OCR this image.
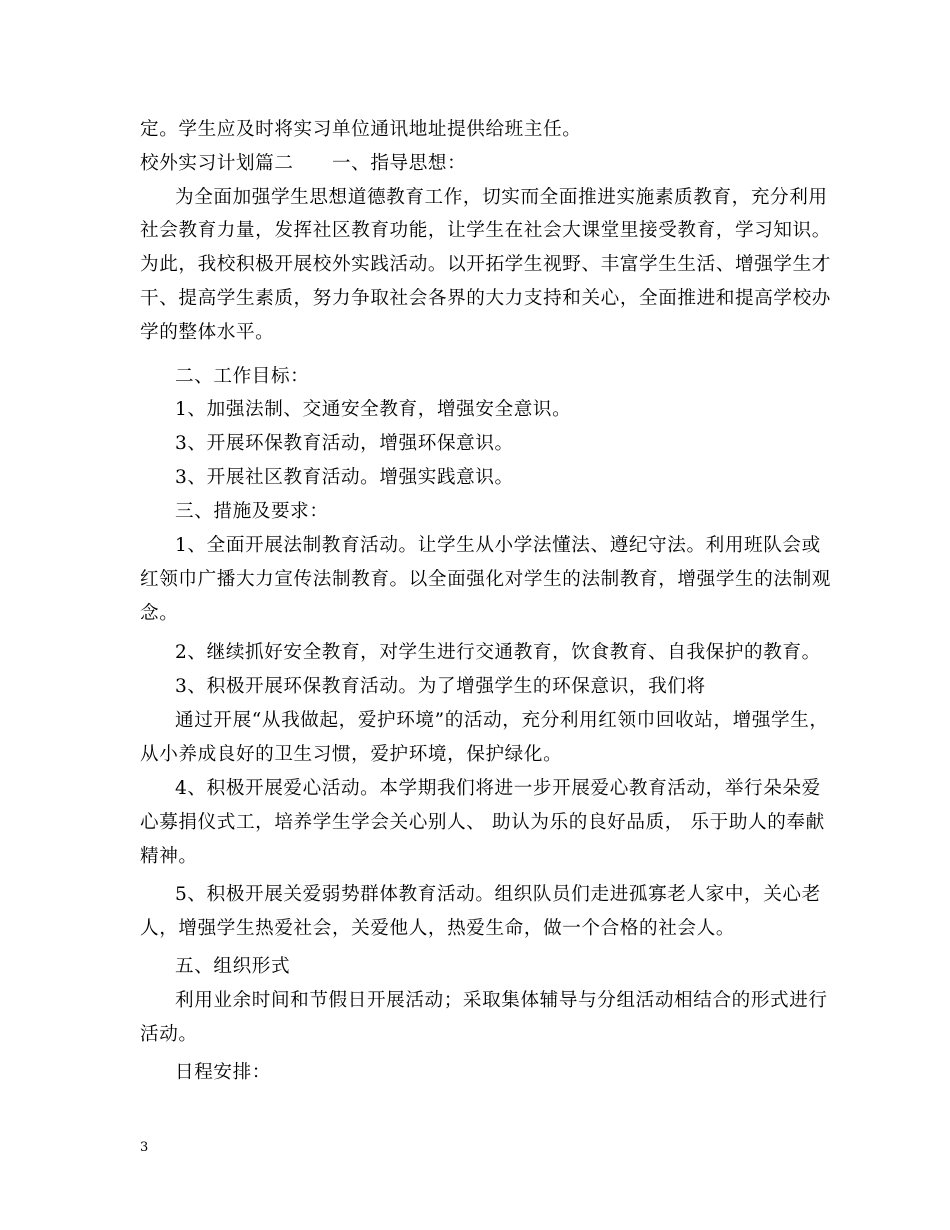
定。学生应及时将实习单位通讯地址提供给班主任。
校外实习计划篇二　　一、指导思想：
为全面加强学生思想道德教育工作，切实而全面推进实施素质教育，充分利用
社会教育力量，发挥社区教育功能，让学生在社会大课堂里接受教育，学习知识。
为此，我校积极开展校外实践活动。以开拓学生视野、丰富学生生活、增强学生才
干、提高学生素质，努力争取社会各界的大力支持和关心，全面推进和提高学校办
学的整体水平。
二、工作目标：
1、加强法制、交通安全教育，增强安全意识。
3、开展环保教育活动，增强环保意识。
3、开展社区教育活动。增强实践意识。
三、措施及要求：
1、全面开展法制教育活动。让学生从小学法懂法、遵纪守法。利用班队会或
红领巾广播大力宣传法制教育。以全面强化对学生的法制教育，增强学生的法制观
念。
2、继续抓好安全教育，对学生进行交通教育，饮食教育、自我保护的教育。
3、积极开展环保教育活动。为了增强学生的环保意识，我们将
通过开展“从我做起，爱护环境”的活动，充分利用红领巾回收站，增强学生，
从小养成良好的卫生习惯，爱护环境，保护绿化。
4、积极开展爱心活动。本学期我们将进一步开展爱心教育活动，举行朵朵爱
心募捐仪式工，培养学生学会关心别人、 助认为乐的良好品质， 乐于助人的奉献
精神。
5、积极开展关爱弱势群体教育活动。组织队员们走进孤寡老人家中，关心老
人，增强学生热爱社会，关爱他人，热爱生命，做一个合格的社会人。
五、组织形式
利用业余时间和节假日开展活动；采取集体辅导与分组活动相结合的形式进行
活动。
日程安排：
3
